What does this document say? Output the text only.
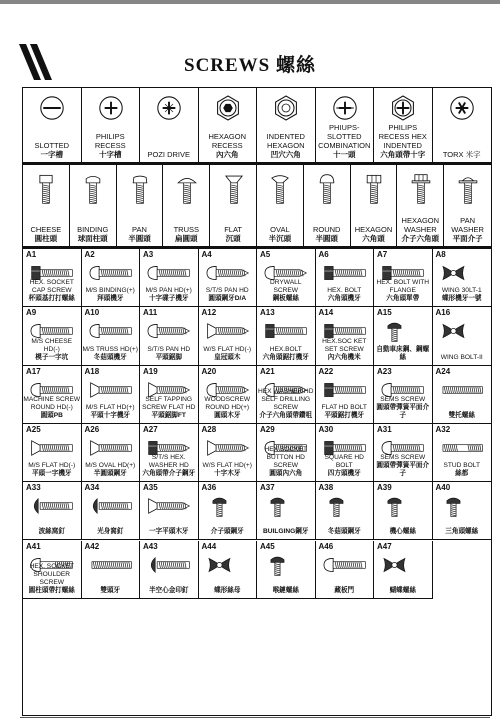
SCREWS 螺絲
SLOTTED
一字槽
PHILIPS RECESS
十字槽	POZI DRIVE
HEXAGON RECESS
內六角
INDENTED HEXAGON
凹穴六角
PHIUPS-SLOTTED COMBINATION
十一頭
PHILIPS RECESS HEX INDENTED
六角頭帶十字	TORX 米字
CHEESE
圓柱頭
BINDING
球面柱頭
PAN
半圓頭
TRUSS
扁圓頭
FLAT
沉頭
OVAL
半沉頭
ROUND
半圓頭
HEXAGON
六角頭
HEXAGON WASHER
介子六角頭
PAN WASHER
平面介子
A1
HEX. SOCKET CAP SCREW
杯頭基打打螺絲
A2
M/S BINDING(+)
拜頭機牙
A3
M/S PAN HD(+)
十字碟子機牙
A4
S/T/S PAN HD
圓頭鋼牙D/A
A5
DRYWALL SCREW
鋼板螺絲
A6
HEX. BOLT
六角頭機牙
A7
HEX. BOLT WITH FLANGE
六角頭單帶
A8
WING 30LT-1
蝶形機牙一號
A9
M/S CHEESE HD(-)
模子一字坑
A10
M/S TRUSS HD(+)
冬菇頭機牙
A11
S/T/S PAN HD
平頭鋸脚
A12
W/S FLAT HD(-)
皇冠頭木
A13
HEX.BOLT
六角頭鋸打機牙
A14
HEX.SOC KET SET SCREW
內六角機米
A15
自動車床鋼、鋼螺絲
A16
WING BOLT-II
A17
MACHINE SCREW ROUND HD(-)
圓頭PB
A18
M/S FLAT HD(+)
平頭十字機牙
A19
SELF TAPPING SCREW FLAT HD
平頭鋸脚FT
A20
WOODSCREW ROUND HD(+)
圓頭木牙
A21
HEX WASHER HD SELF DRILLING SCREW
介子六角頭帶鑽咀
A22
FLAT HD BOLT
平頭鋸打機牙
A23
SEMS SCREW
圓頭帶彈簧平面介子
A24
雙托螺絲
A25
M/S FLAT HD(-)
平頭一字機牙
A26
M/S OVAL HD(+)
半圓頭鋼牙
A27
S/T/S HEX. WASHER HD
六角頭帶介子鋼牙
A28
W/S FLAT HD(+)
十字木牙
A29
HEX SOCKET BUTTON HD SCREW
圓頭內六角
A30
SQUARE HD BOLT
四方頭機牙
A31
SEMS SCREW
圓頭帶彈簧平面介子
A32
STUD BOLT
絲都
A33
波絲窩釘
A34
光身窩釘
A35
一字平頭木牙
A36
介子頭鋼牙
A37
BUILGING鋼牙
A38
冬菇頭鋼牙
A39
機心螺絲
A40
三角頭螺絲
A41
HEX. SOCKET SHOULDER SCREW
圓柱頭帶打螺絲
A42
雙頭牙
A43
半空心金印釘
A44
蝶形絲母
A45
喉鏈螺絲
A46
藏板門
A47
蝴蝶螺絲
